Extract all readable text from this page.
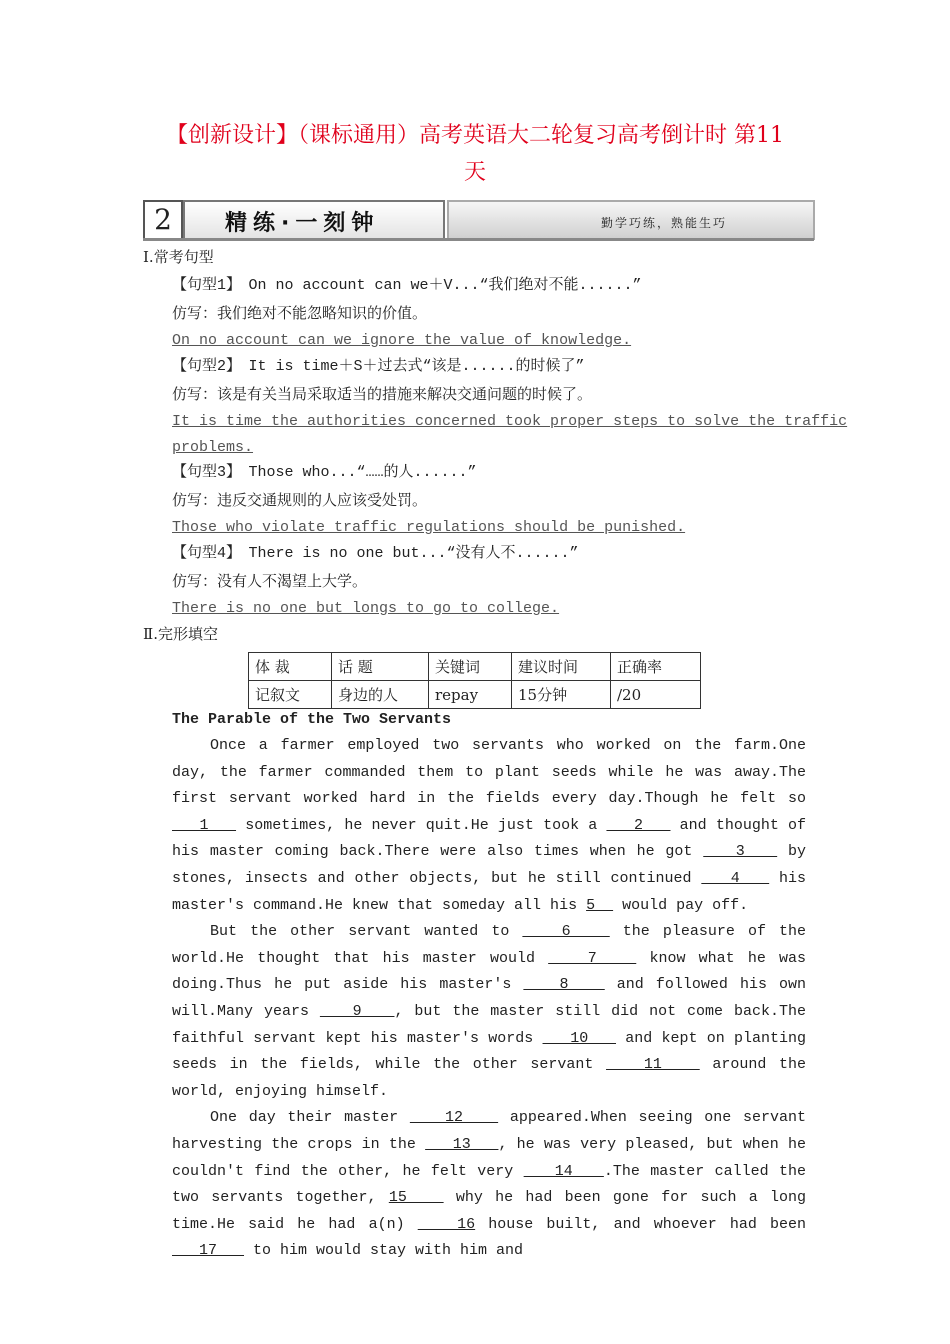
【创新设计】（课标通用）高考英语大二轮复习高考倒计时 第11
天
2	精练·一刻钟	勤学巧练，熟能生巧
Ⅰ.常考句型
【句型1】　On no account can we＋V...“我们绝对不能......”
仿写：我们绝对不能忽略知识的价值。
On no account can we ignore the value of knowledge.
【句型2】　It is time＋S＋过去式“该是......的时候了”
仿写：该是有关当局采取适当的措施来解决交通问题的时候了。
It is time the authorities concerned took proper steps to solve the traffic
problems.
【句型3】　Those who...“……的人......”
仿写：违反交通规则的人应该受处罚。
Those who violate traffic regulations should be punished.
【句型4】　There is no one but...“没有人不......”
仿写：没有人不渴望上大学。
There is no one but longs to go to college.
Ⅱ.完形填空
体 裁	话 题	关键词	建议时间	正确率
记叙文	身边的人	repay	15分钟	/20
The Parable of the Two Servants

Once a farmer employed two servants who worked on the farm.One day, the farmer commanded them to plant seeds while he was away.The first servant worked hard in the fields every day.Though he felt so    1    sometimes, he never quit.He just took a    2    and thought of his master coming back.There were also times when he got    3    by stones, insects and other objects, but he still continued    4    his master's command.He knew that someday all his 5   would pay off.

But the other servant wanted to    6    the pleasure of the world.He thought that his master would    7    know what he was doing.Thus he put aside his master's    8    and followed his own will.Many years    9   , but the master still did not come back.The faithful servant kept his master's words    10    and kept on planting seeds in the fields, while the other servant    11    around the world, enjoying himself.

One day their master    12    appeared.When seeing one servant harvesting the crops in the    13   , he was very pleased, but when he couldn't find the other, he felt very    14   .The master called the two servants together, 15    why he had been gone for such a long time.He said he had a(n)    16 house built, and whoever had been    17    to him would stay with him and
